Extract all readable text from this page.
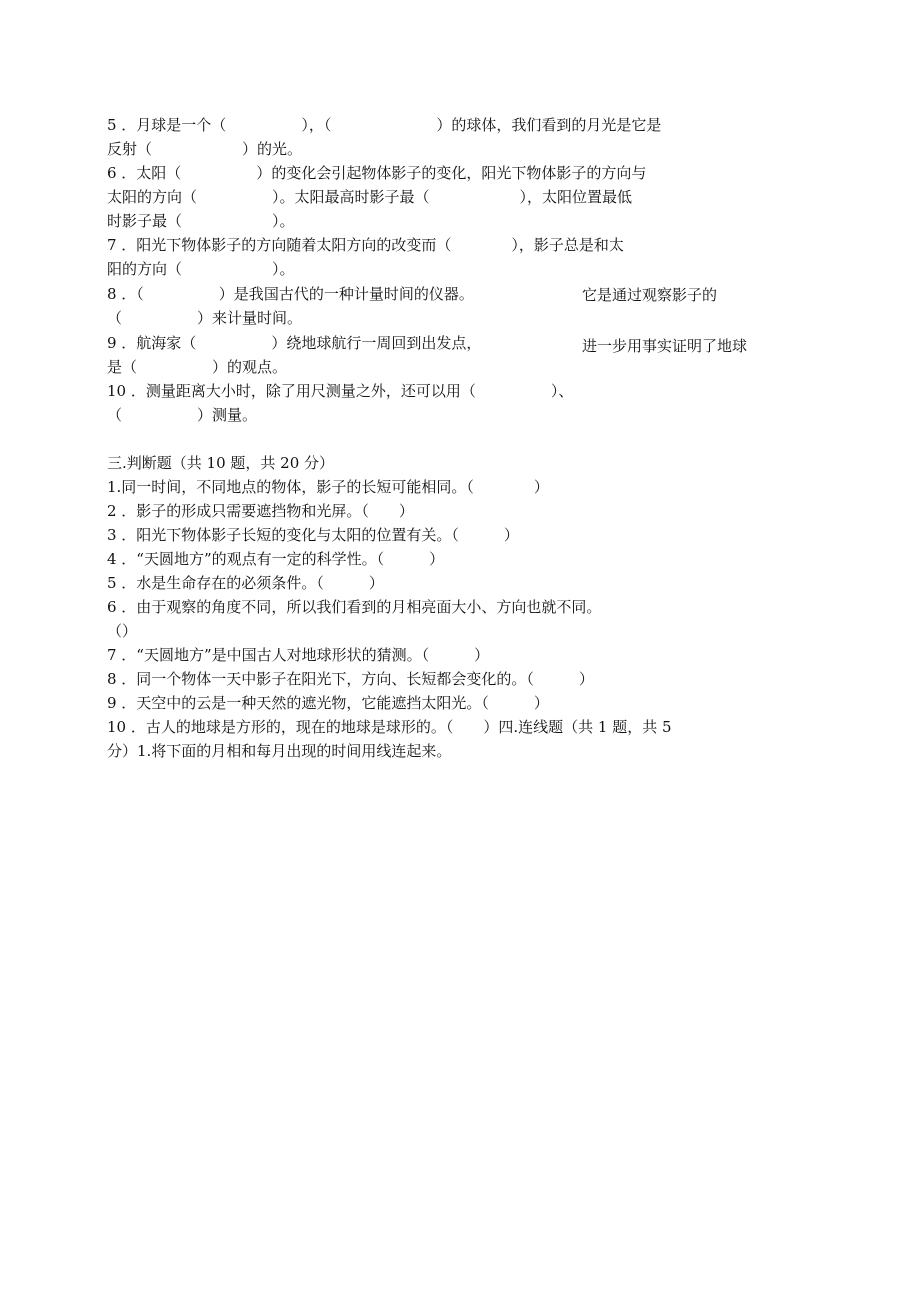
5 ．月球是一个（　　　　　），（　　　　　　　）的球体，我们看到的月光是它是
反射（　　　　　　）的光。
6 ．太阳（　　　　　）的变化会引起物体影子的变化，阳光下物体影子的方向与
太阳的方向（　　　　　）。太阳最高时影子最（　　　　　　），太阳位置最低
时影子最（　　　　　　）。
7 ．阳光下物体影子的方向随着太阳方向的改变而（　　　　），影子总是和太
阳的方向（　　　　　　）。
8 ．（　　　　　）是我国古代的一种计量时间的仪器。	它是通过观察影子的
（　　　　　）来计量时间。
9 ．航海家（　　　　　）绕地球航行一周回到出发点，	进一步用事实证明了地球
是（　　　　　）的观点。
10 ．测量距离大小时，除了用尺测量之外，还可以用（　　　　　）、
（　　　　　）测量。
三.判断题（共 10 题，共 20 分）
1.同一时间，不同地点的物体，影子的长短可能相同。（　　　　）
2 ．影子的形成只需要遮挡物和光屏。（　　）
3 ．阳光下物体影子长短的变化与太阳的位置有关。（　　　）
4 ．“天圆地方”的观点有一定的科学性。（　　　）
5 ．水是生命存在的必须条件。（　　　）
6 ．由于观察的角度不同，所以我们看到的月相亮面大小、方向也就不同。
（）
7 ．“天圆地方”是中国古人对地球形状的猜测。（　　　）
8 ．同一个物体一天中影子在阳光下，方向、长短都会变化的。（　　　）
9 ．天空中的云是一种天然的遮光物，它能遮挡太阳光。（　　　）
10 ．古人的地球是方形的，现在的地球是球形的。（　　）四.连线题（共 1 题，共 5
分）1.将下面的月相和每月出现的时间用线连起来。
